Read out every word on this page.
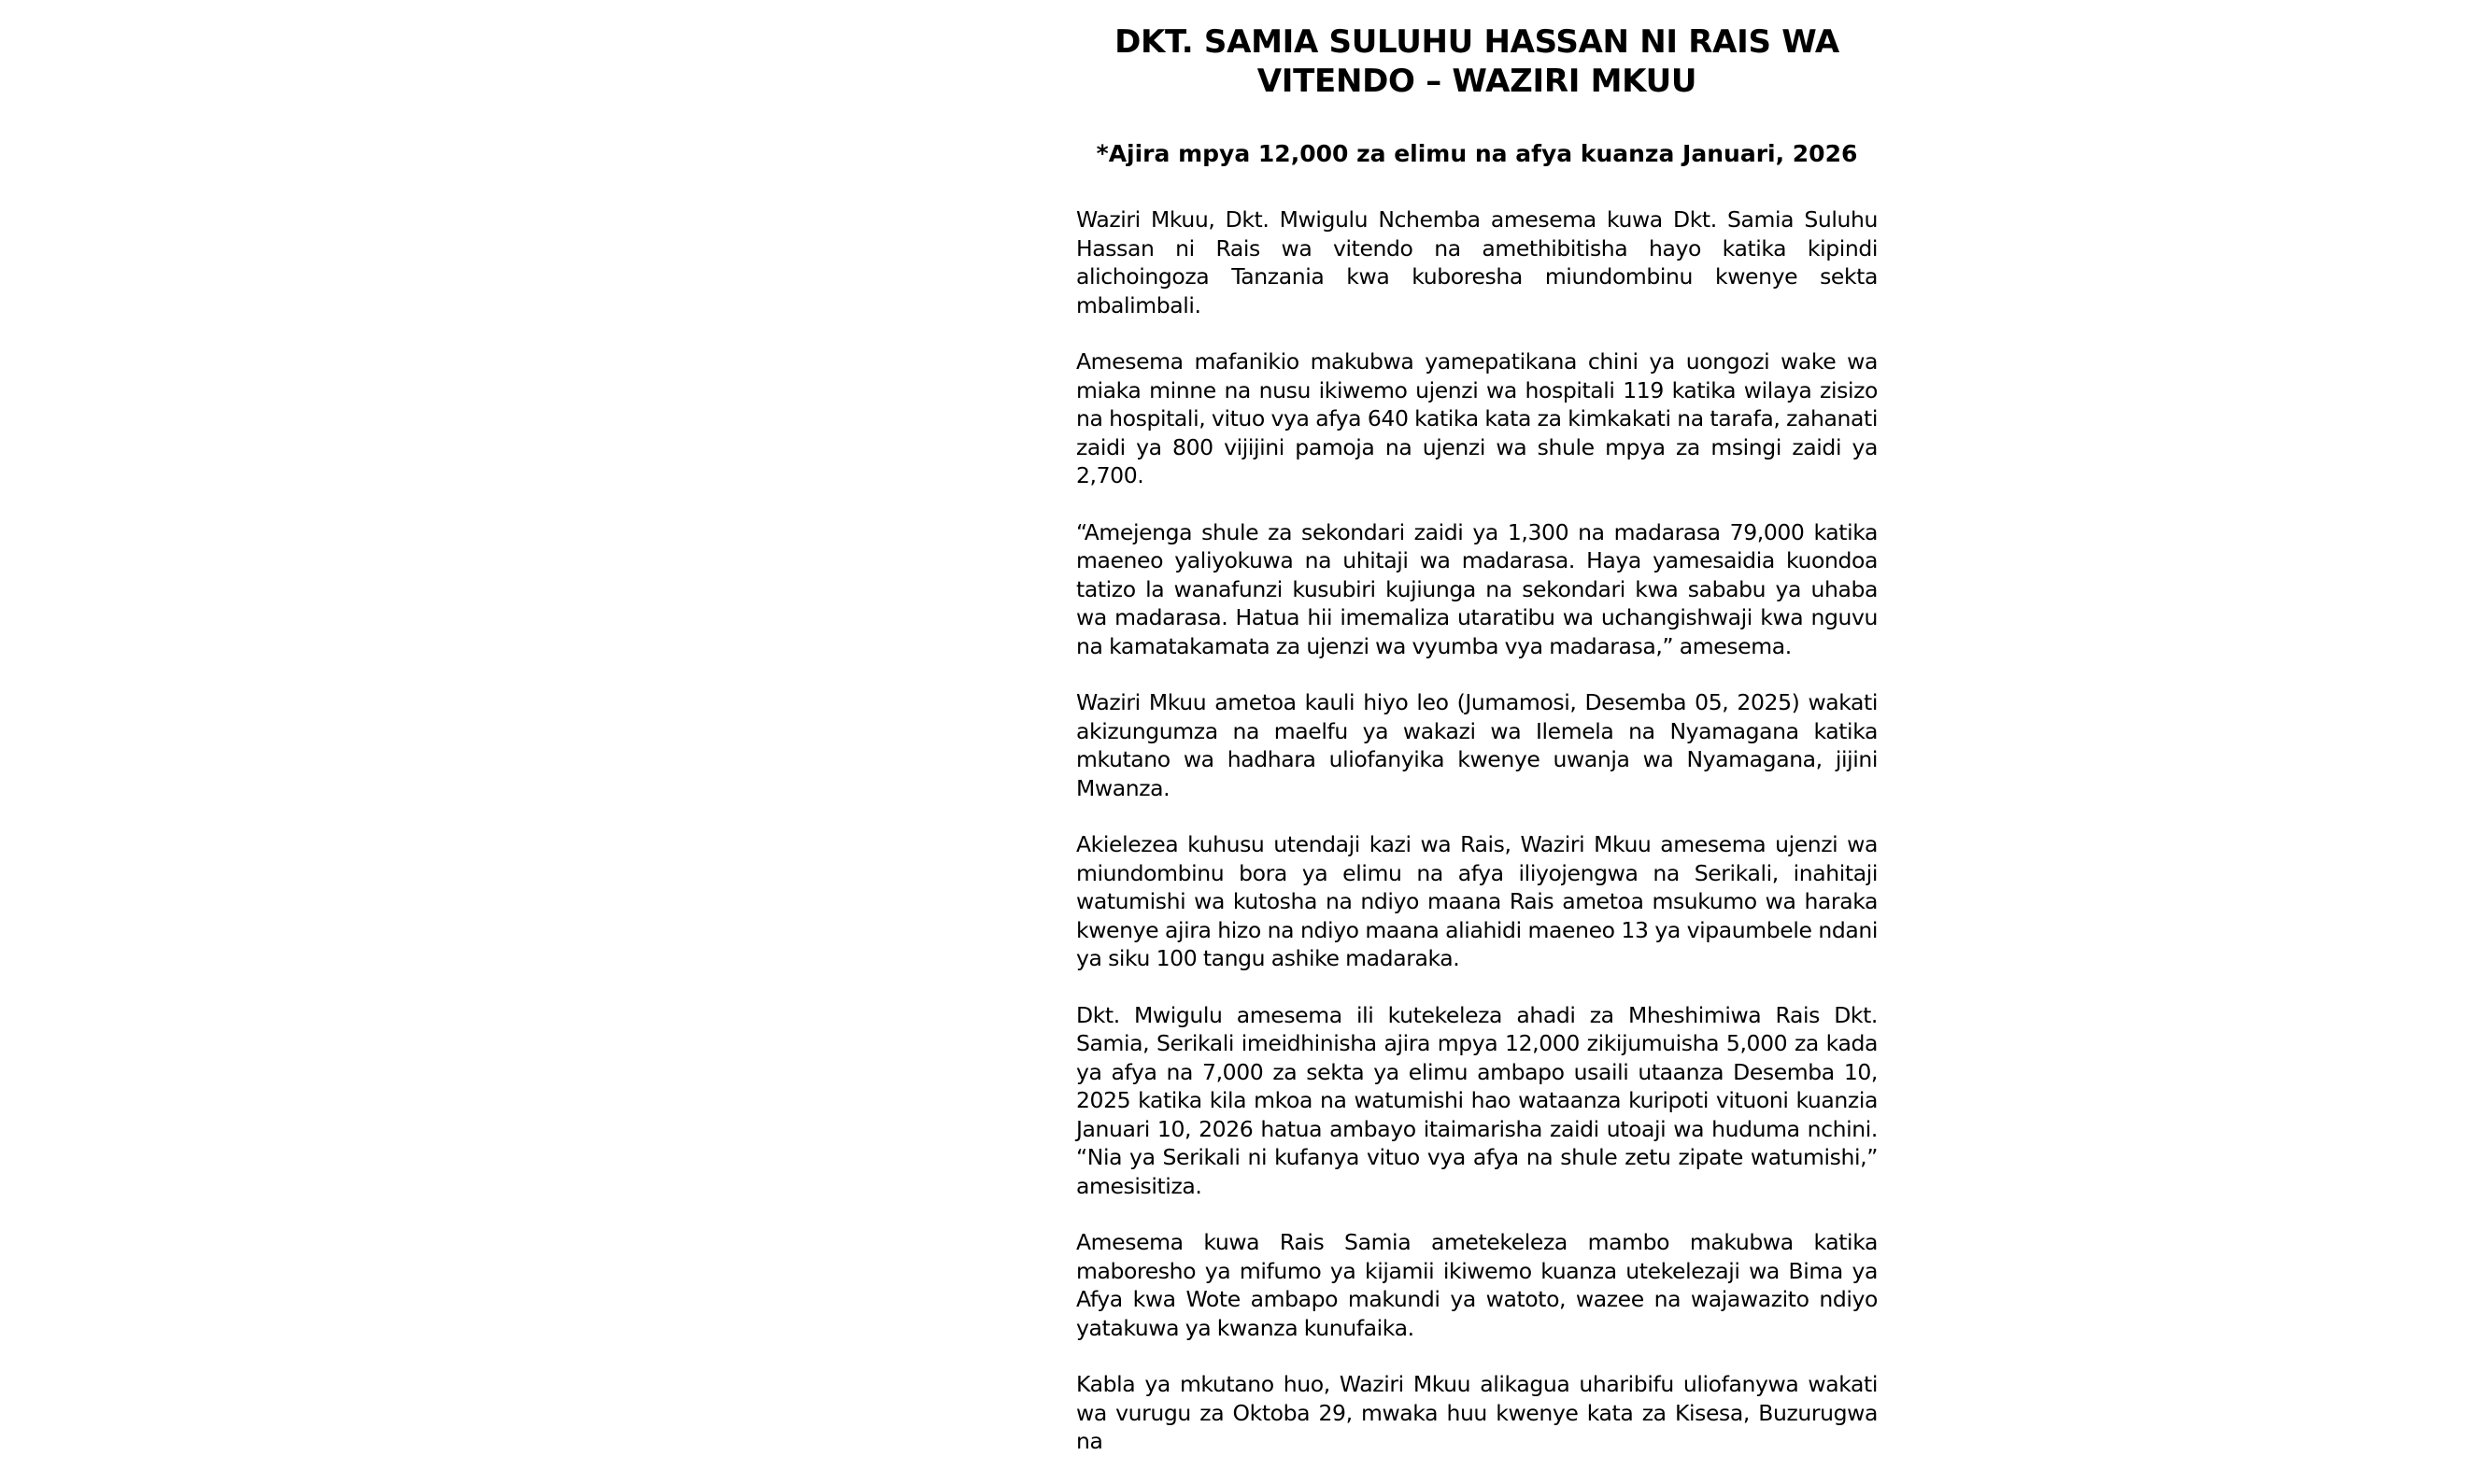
DKT. SAMIA SULUHU HASSAN NI RAIS WA
VITENDO – WAZIRI MKUU

*Ajira mpya 12,000 za elimu na afya kuanza Januari, 2026

Waziri Mkuu, Dkt. Mwigulu Nchemba amesema kuwa Dkt. Samia Suluhu Hassan ni Rais wa vitendo na amethibitisha hayo katika kipindi alichoingoza Tanzania kwa kuboresha miundombinu kwenye sekta mbalimbali.

Amesema mafanikio makubwa yamepatikana chini ya uongozi wake wa miaka minne na nusu ikiwemo ujenzi wa hospitali 119 katika wilaya zisizo na hospitali, vituo vya afya 640 katika kata za kimkakati na tarafa, zahanati zaidi ya 800 vijijini pamoja na ujenzi wa shule mpya za msingi zaidi ya 2,700.

“Amejenga shule za sekondari zaidi ya 1,300 na madarasa 79,000 katika maeneo yaliyokuwa na uhitaji wa madarasa. Haya yamesaidia kuondoa tatizo la wanafunzi kusubiri kujiunga na sekondari kwa sababu ya uhaba wa madarasa. Hatua hii imemaliza utaratibu wa uchangishwaji kwa nguvu na kamatakamata za ujenzi wa vyumba vya madarasa,” amesema.

Waziri Mkuu ametoa kauli hiyo leo (Jumamosi, Desemba 05, 2025) wakati akizungumza na maelfu ya wakazi wa Ilemela na Nyamagana katika mkutano wa hadhara uliofanyika kwenye uwanja wa Nyamagana, jijini Mwanza.

Akielezea kuhusu utendaji kazi wa Rais, Waziri Mkuu amesema ujenzi wa miundombinu bora ya elimu na afya iliyojengwa na Serikali, inahitaji watumishi wa kutosha na ndiyo maana Rais ametoa msukumo wa haraka kwenye ajira hizo na ndiyo maana aliahidi maeneo 13 ya vipaumbele ndani ya siku 100 tangu ashike madaraka.

Dkt. Mwigulu amesema ili kutekeleza ahadi za Mheshimiwa Rais Dkt. Samia, Serikali imeidhinisha ajira mpya 12,000 zikijumuisha 5,000 za kada ya afya na 7,000 za sekta ya elimu ambapo usaili utaanza Desemba 10, 2025 katika kila mkoa na watumishi hao wataanza kuripoti vituoni kuanzia Januari 10, 2026 hatua ambayo itaimarisha zaidi utoaji wa huduma nchini. “Nia ya Serikali ni kufanya vituo vya afya na shule zetu zipate watumishi,” amesisitiza.

Amesema kuwa Rais Samia ametekeleza mambo makubwa katika maboresho ya mifumo ya kijamii ikiwemo kuanza utekelezaji wa Bima ya Afya kwa Wote ambapo makundi ya watoto, wazee na wajawazito ndiyo yatakuwa ya kwanza kunufaika.

Kabla ya mkutano huo, Waziri Mkuu alikagua uharibifu uliofanywa wakati wa vurugu za Oktoba 29, mwaka huu kwenye kata za Kisesa, Buzurugwa na
